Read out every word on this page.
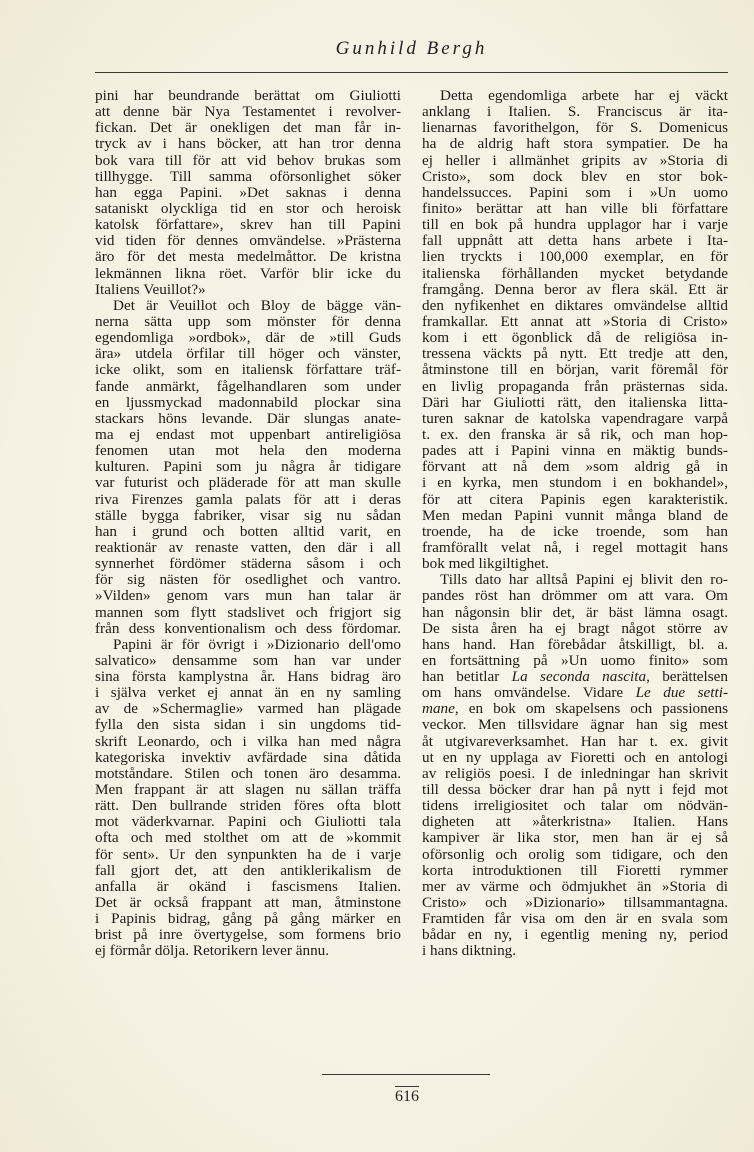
Gunhild Bergh
pini har beundrande berättat om Giuliotti
att denne bär Nya Testamentet i revolver-
fickan. Det är onekligen det man får in-
tryck av i hans böcker, att han tror denna
bok vara till för att vid behov brukas som
tillhygge. Till samma oförsonlighet söker
han egga Papini. »Det saknas i denna
sataniskt olyckliga tid en stor och heroisk
katolsk författare», skrev han till Papini
vid tiden för dennes omvändelse. »Prästerna
äro för det mesta medelmåttor. De kristna
lekmännen likna röet. Varför blir icke du
Italiens Veuillot?»
Det är Veuillot och Bloy de bägge vän-
nerna sätta upp som mönster för denna
egendomliga »ordbok», där de »till Guds
ära» utdela örfilar till höger och vänster,
icke olikt, som en italiensk författare träf-
fande anmärkt, fågelhandlaren som under
en ljussmyckad madonnabild plockar sina
stackars höns levande. Där slungas anate-
ma ej endast mot uppenbart antireligiösa
fenomen utan mot hela den moderna
kulturen. Papini som ju några år tidigare
var futurist och pläderade för att man skulle
riva Firenzes gamla palats för att i deras
ställe bygga fabriker, visar sig nu sådan
han i grund och botten alltid varit, en
reaktionär av renaste vatten, den där i all
synnerhet fördömer städerna såsom i och
för sig nästen för osedlighet och vantro.
»Vilden» genom vars mun han talar är
mannen som flytt stadslivet och frigjort sig
från dess konventionalism och dess fördomar.
Papini är för övrigt i »Dizionario dell'omo
salvatico» densamme som han var under
sina första kamplystna år. Hans bidrag äro
i själva verket ej annat än en ny samling
av de »Schermaglie» varmed han plägade
fylla den sista sidan i sin ungdoms tid-
skrift Leonardo, och i vilka han med några
kategoriska invektiv avfärdade sina dåtida
motståndare. Stilen och tonen äro desamma.
Men frappant är att slagen nu sällan träffa
rätt. Den bullrande striden föres ofta blott
mot väderkvarnar. Papini och Giuliotti tala
ofta och med stolthet om att de »kommit
för sent». Ur den synpunkten ha de i varje
fall gjort det, att den antiklerikalism de
anfalla är okänd i fascismens Italien.
Det är också frappant att man, åtminstone
i Papinis bidrag, gång på gång märker en
brist på inre övertygelse, som formens brio
ej förmår dölja. Retorikern lever ännu.
Detta egendomliga arbete har ej väckt
anklang i Italien. S. Franciscus är ita-
lienarnas favorithelgon, för S. Domenicus
ha de aldrig haft stora sympatier. De ha
ej heller i allmänhet gripits av »Storia di
Cristo», som dock blev en stor bok-
handelssucces. Papini som i »Un uomo
finito» berättar att han ville bli författare
till en bok på hundra upplagor har i varje
fall uppnått att detta hans arbete i Ita-
lien tryckts i 100,000 exemplar, en för
italienska förhållanden mycket betydande
framgång. Denna beror av flera skäl. Ett är
den nyfikenhet en diktares omvändelse alltid
framkallar. Ett annat att »Storia di Cristo»
kom i ett ögonblick då de religiösa in-
tressena väckts på nytt. Ett tredje att den,
åtminstone till en början, varit föremål för
en livlig propaganda från prästernas sida.
Däri har Giuliotti rätt, den italienska litta-
turen saknar de katolska vapendragare varpå
t. ex. den franska är så rik, och man hop-
pades att i Papini vinna en mäktig bunds-
förvant att nå dem »som aldrig gå in
i en kyrka, men stundom i en bokhandel»,
för att citera Papinis egen karakteristik.
Men medan Papini vunnit många bland de
troende, ha de icke troende, som han
framförallt velat nå, i regel mottagit hans
bok med likgiltighet.
Tills dato har alltså Papini ej blivit den ro-
pandes röst han drömmer om att vara. Om
han någonsin blir det, är bäst lämna osagt.
De sista åren ha ej bragt något större av
hans hand. Han förebådar åtskilligt, bl. a.
en fortsättning på »Un uomo finito» som
han betitlar La seconda nascita, berättelsen
om hans omvändelse. Vidare Le due setti-
mane, en bok om skapelsens och passionens
veckor. Men tillsvidare ägnar han sig mest
åt utgivareverksamhet. Han har t. ex. givit
ut en ny upplaga av Fioretti och en antologi
av religiös poesi. I de inledningar han skrivit
till dessa böcker drar han på nytt i fejd mot
tidens irreligiositet och talar om nödvän-
digheten att »återkristna» Italien. Hans
kampiver är lika stor, men han är ej så
oförsonlig och orolig som tidigare, och den
korta introduktionen till Fioretti rymmer
mer av värme och ödmjukhet än »Storia di
Cristo» och »Dizionario» tillsammantagna.
Framtiden får visa om den är en svala som
bådar en ny, i egentlig mening ny, period
i hans diktning.
616
